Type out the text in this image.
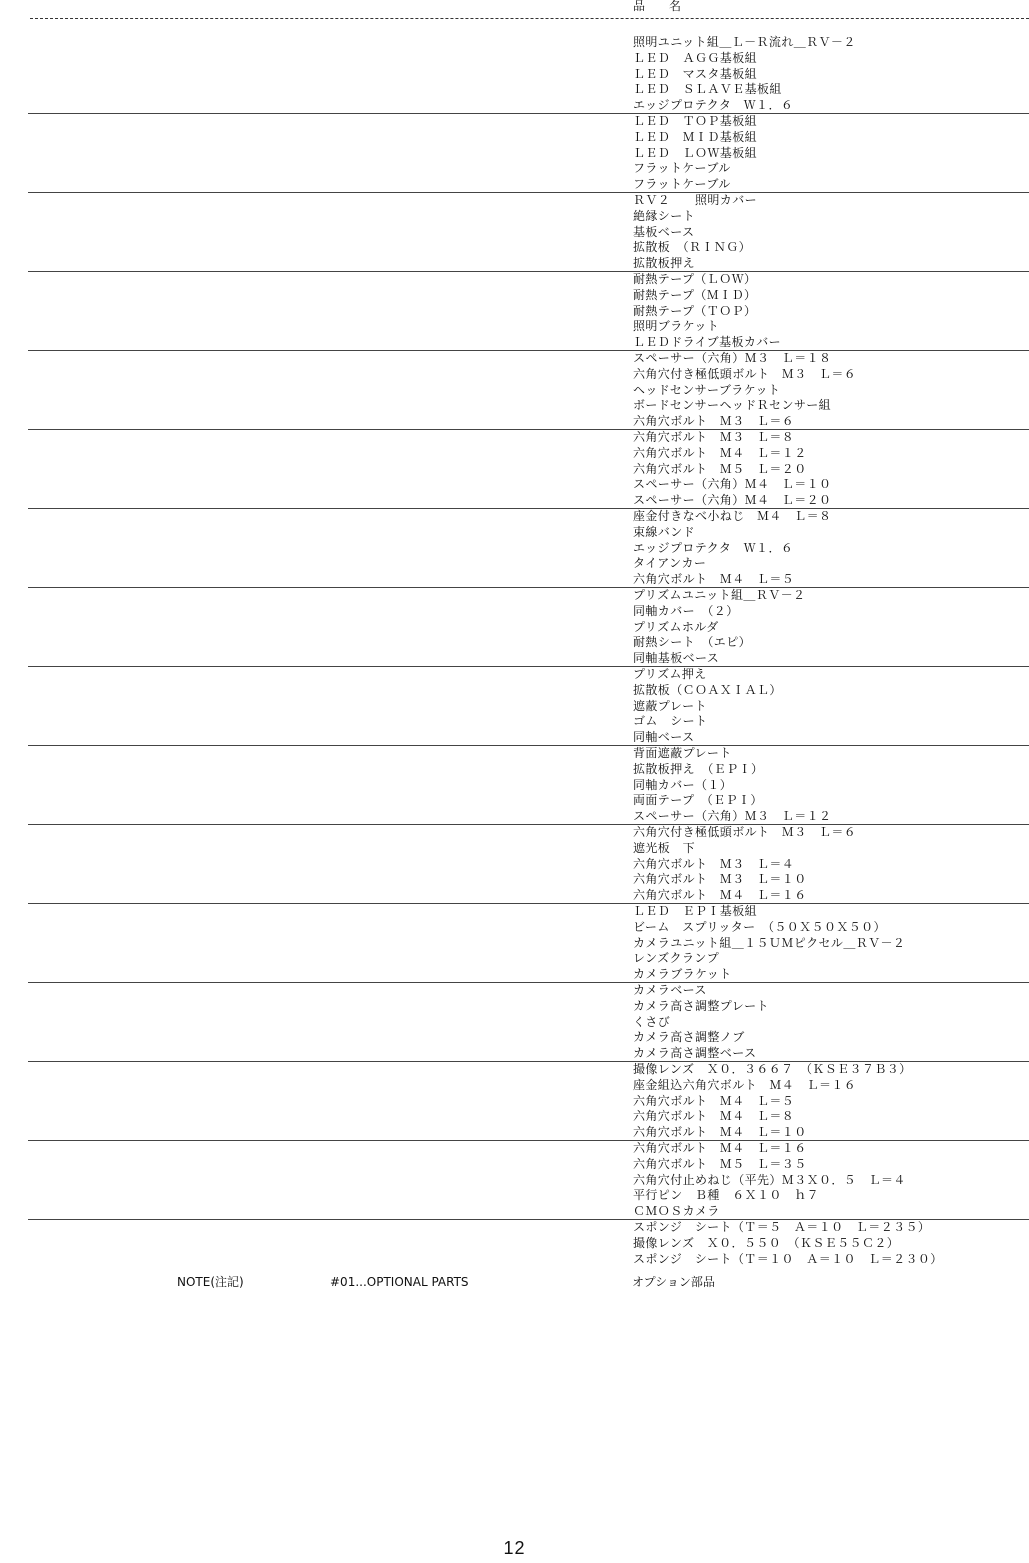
品　名
照明ユニット組＿Ｌ－Ｒ流れ＿ＲＶ－２
ＬＥＤ　ＡＧＧ基板組
ＬＥＤ　マスタ基板組
ＬＥＤ　ＳＬＡＶＥ基板組
エッジプロテクタ　Ｗ１．６
ＬＥＤ　ＴＯＰ基板組
ＬＥＤ　ＭＩＤ基板組
ＬＥＤ　ＬＯＷ基板組
フラットケーブル
フラットケーブル
ＲＶ２　　照明カバー
絶縁シート
基板ベース
拡散板　（ＲＩＮＧ）
拡散板押え
耐熱テープ（ＬＯＷ）
耐熱テープ（ＭＩＤ）
耐熱テープ（ＴＯＰ）
照明ブラケット
ＬＥＤドライブ基板カバー
スペーサー（六角）Ｍ３　Ｌ＝１８
六角穴付き極低頭ボルト　Ｍ３　Ｌ＝６
ヘッドセンサーブラケット
ボードセンサーヘッドＲセンサー組
六角穴ボルト　Ｍ３　Ｌ＝６
六角穴ボルト　Ｍ３　Ｌ＝８
六角穴ボルト　Ｍ４　Ｌ＝１２
六角穴ボルト　Ｍ５　Ｌ＝２０
スペーサー（六角）Ｍ４　Ｌ＝１０
スペーサー（六角）Ｍ４　Ｌ＝２０
座金付きなべ小ねじ　Ｍ４　Ｌ＝８
束線バンド
エッジプロテクタ　Ｗ１．６
タイアンカー
六角穴ボルト　Ｍ４　Ｌ＝５
プリズムユニット組＿ＲＶ－２
同軸カバー　（２）
プリズムホルダ
耐熱シート　（エピ）
同軸基板ベース
プリズム押え
拡散板（ＣＯＡＸＩＡＬ）
遮蔽プレート
ゴム　シート
同軸ベース
背面遮蔽プレート
拡散板押え　（ＥＰＩ）
同軸カバー（１）
両面テープ　（ＥＰＩ）
スペーサー（六角）Ｍ３　Ｌ＝１２
六角穴付き極低頭ボルト　Ｍ３　Ｌ＝６
遮光板　下
六角穴ボルト　Ｍ３　Ｌ＝４
六角穴ボルト　Ｍ３　Ｌ＝１０
六角穴ボルト　Ｍ４　Ｌ＝１６
ＬＥＤ　ＥＰＩ基板組
ビーム　スプリッター　（５０Ｘ５０Ｘ５０）
カメラユニット組＿１５ＵＭピクセル＿ＲＶ－２
レンズクランプ
カメラブラケット
カメラベース
カメラ高さ調整プレート
くさび
カメラ高さ調整ノブ
カメラ高さ調整ベース
撮像レンズ　Ｘ０．３６６７　（ＫＳＥ３７Ｂ３）
座金組込六角穴ボルト　Ｍ４　Ｌ＝１６
六角穴ボルト　Ｍ４　Ｌ＝５
六角穴ボルト　Ｍ４　Ｌ＝８
六角穴ボルト　Ｍ４　Ｌ＝１０
六角穴ボルト　Ｍ４　Ｌ＝１６
六角穴ボルト　Ｍ５　Ｌ＝３５
六角穴付止めねじ（平先）Ｍ３Ｘ０．５　Ｌ＝４
平行ピン　Ｂ種　６Ｘ１０　ｈ７
ＣＭＯＳカメラ
スポンジ　シート（Ｔ＝５　Ａ＝１０　Ｌ＝２３５）
撮像レンズ　Ｘ０．５５０　（ＫＳＥ５５Ｃ２）
スポンジ　シート（Ｔ＝１０　Ａ＝１０　Ｌ＝２３０）
NOTE(注記)	#01...OPTIONAL PARTS	オプション部品
12
